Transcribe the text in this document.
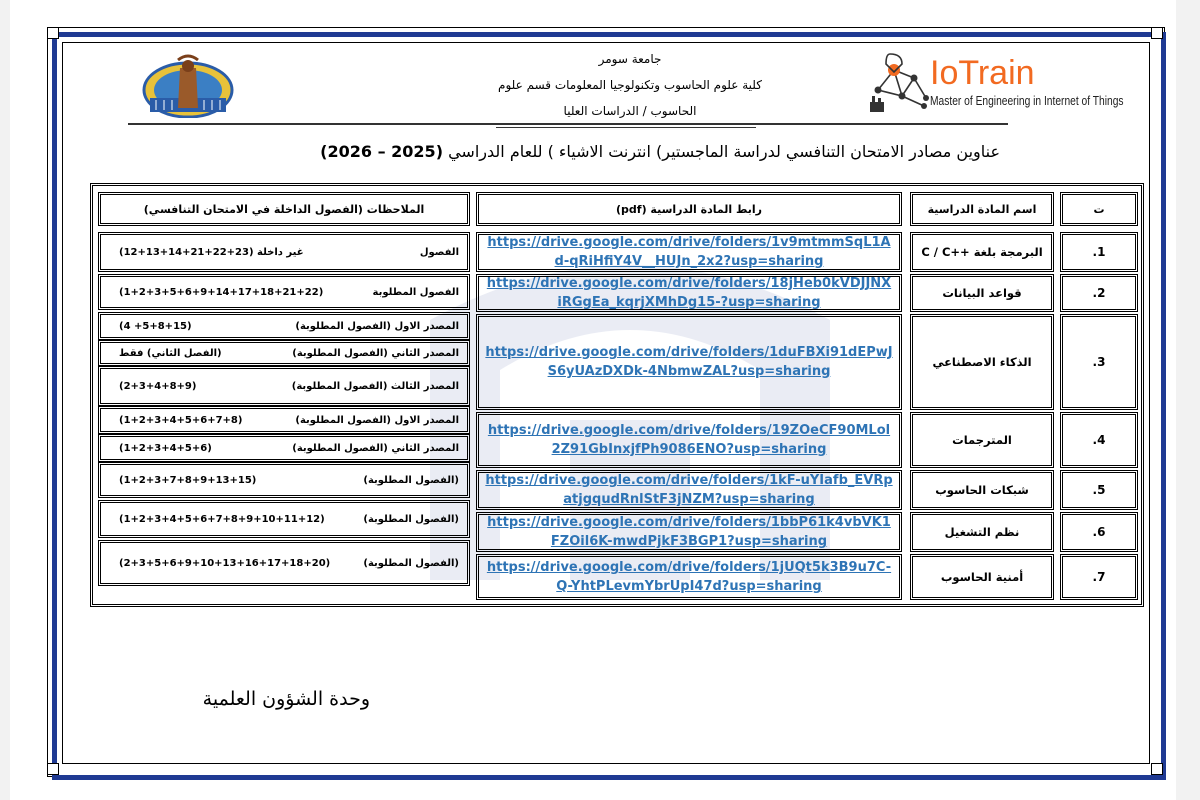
جامعة سومر
كلية علوم الحاسوب وتكنولوجيا المعلومات قسم علوم
الحاسوب / الدراسات العليا
IoTrain
Master of Engineering in Internet of Things
عناوين مصادر الامتحان التنافسي لدراسة الماجستير) انترنت الاشياء ) للعام الدراسي (2025 – 2026)
ت
اسم المادة الدراسية
رابط المادة الدراسية (pdf)
الملاحظات (الفصول الداخلة في الامتحان التنافسي)
1.
2.
3.
4.
5.
6.
7.
البرمجة بلغة ++C / C
قواعد البيانات
الذكاء الاصطناعي
المترجمات
شبكات الحاسوب
نظم التشغيل
أمنية الحاسوب
https://drive.google.com/drive/folders/1v9mtmmSqL1Ad-qRiHfiY4V__HUJn_2x2?usp=sharing
https://drive.google.com/drive/folders/18jHeb0kVDJJNXiRGgEa_kqrjXMhDg15-?usp=sharing
https://drive.google.com/drive/folders/1duFBXi91dEPwJS6yUAzDXDk-4NbmwZAL?usp=sharing
https://drive.google.com/drive/folders/19ZOeCF90MLol2Z91GbInxjfPh9086ENO?usp=sharing
https://drive.google.com/drive/folders/1kF-uYIafb_EVRpatjgqudRnlStF3jNZM?usp=sharing
https://drive.google.com/drive/folders/1bbP61k4vbVK1FZOil6K-mwdPjkF3BGP1?usp=sharing
https://drive.google.com/drive/folders/1jUQt5k3B9u7C-Q-YhtPLevmYbrUpI47d?usp=sharing
الفصول
(12+13+14+21+22+23) غير داخلة
الفصول المطلوبة
(1+2+3+5+6+9+14+17+18+21+22)
المصدر الاول (الفصول المطلوبة)
(4 +5+8+15)
المصدر الثاني (الفصول المطلوبة)
(الفصل الثاني) فقط
المصدر الثالث (الفصول المطلوبة)
(2+3+4+8+9)
المصدر الاول (الفصول المطلوبة)
(1+2+3+4+5+6+7+8)
المصدر الثاني (الفصول المطلوبة)
(1+2+3+4+5+6)
(الفصول المطلوبة)
(1+2+3+7+8+9+13+15)
(الفصول المطلوبة)
(1+2+3+4+5+6+7+8+9+10+11+12)
(الفصول المطلوبة)
(2+3+5+6+9+10+13+16+17+18+20)
وحدة الشؤون العلمية
